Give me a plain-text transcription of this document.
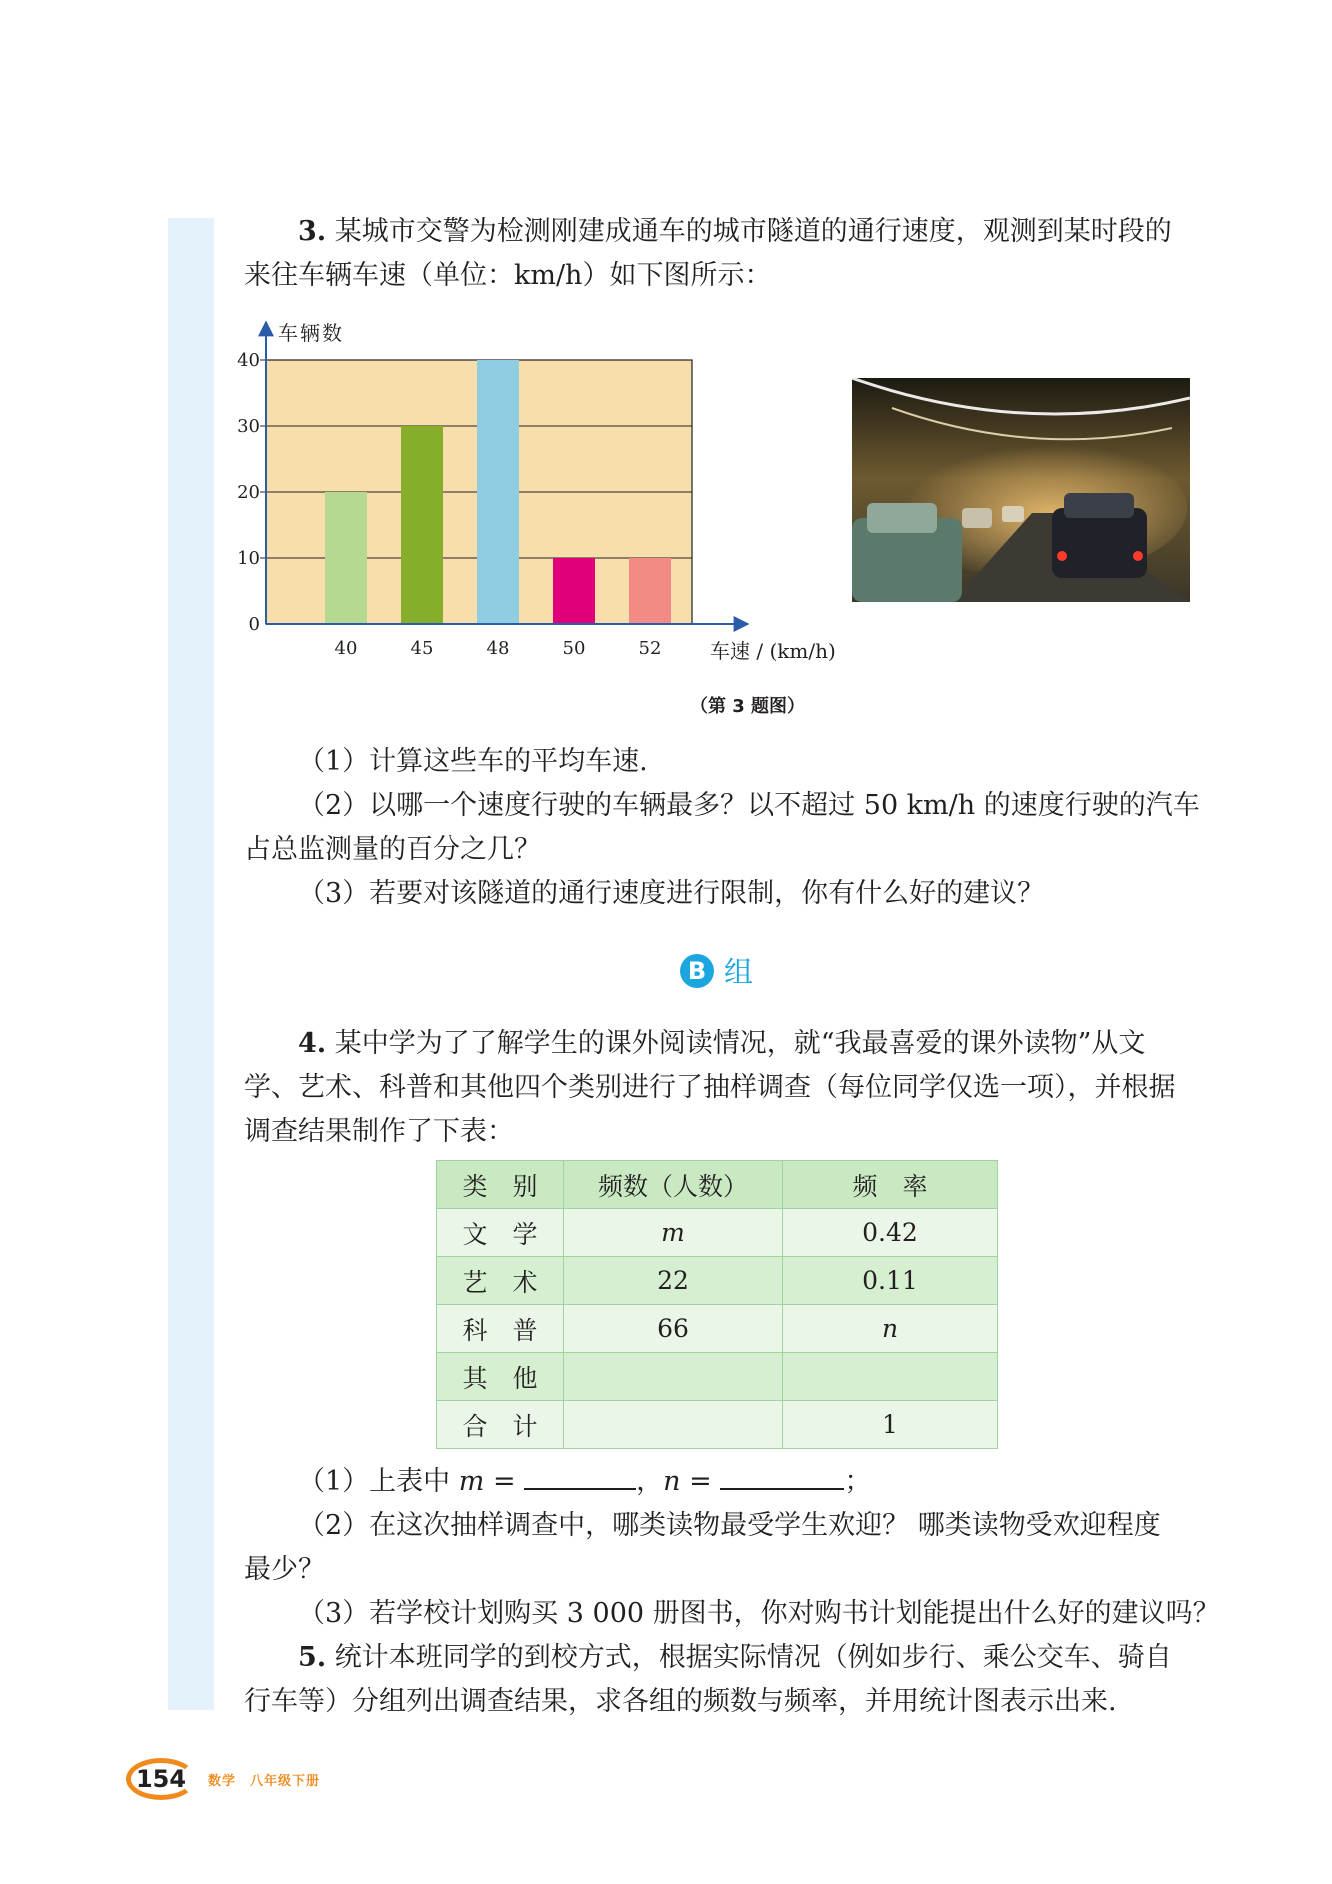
3. 某城市交警为检测刚建成通车的城市隧道的通行速度，观测到某时段的来往车辆车速（单位：km/h）如下图所示：

0
10
20
30
40
40	45	48	50	52
车辆数
车速 / (km/h)
（第 3 题图）
（1）计算这些车的平均车速.
（2）以哪一个速度行驶的车辆最多？以不超过 50 km/h 的速度行驶的汽车
占总监测量的百分之几？
（3）若要对该隧道的通行速度进行限制，你有什么好的建议？
B 组

4. 某中学为了了解学生的课外阅读情况，就“我最喜爱的课外读物”从文学、艺术、科普和其他四个类别进行了抽样调查（每位同学仅选一项），并根据调查结果制作了下表：

类　别	频数（人数）	频　率
文　学	m	0.42
艺　术	22	0.11
科　普	66	n
其　他		
合　计		1
（1）上表中 m =	，n =	；
（2）在这次抽样调查中，哪类读物最受学生欢迎？ 哪类读物受欢迎程度
最少？
（3）若学校计划购买 3 000 册图书，你对购书计划能提出什么好的建议吗？
5. 统计本班同学的到校方式，根据实际情况（例如步行、乘公交车、骑自
行车等）分组列出调查结果，求各组的频数与频率，并用统计图表示出来.
154	数学　八年级下册
